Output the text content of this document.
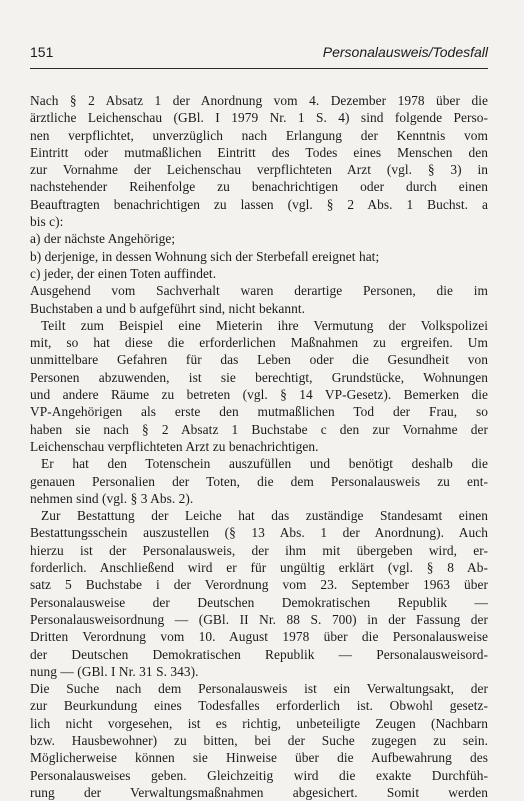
151	Personalausweis/Todesfall

Nach § 2 Absatz 1 der Anordnung vom 4. Dezember 1978 über die

ärztliche Leichenschau (GBl. I 1979 Nr. 1 S. 4) sind folgende Perso-

nen verpflichtet, unverzüglich nach Erlangung der Kenntnis vom

Eintritt oder mutmaßlichen Eintritt des Todes eines Menschen den

zur Vornahme der Leichenschau verpflichteten Arzt (vgl. § 3) in

nachstehender Reihenfolge zu benachrichtigen oder durch einen

Beauftragten benachrichtigen zu lassen (vgl. § 2 Abs. 1 Buchst. a

bis c):

a) der nächste Angehörige;

b) derjenige, in dessen Wohnung sich der Sterbefall ereignet hat;

c) jeder, der einen Toten auffindet.

Ausgehend vom Sachverhalt waren derartige Personen, die im

Buchstaben a und b aufgeführt sind, nicht bekannt.

Teilt zum Beispiel eine Mieterin ihre Vermutung der Volkspolizei

mit, so hat diese die erforderlichen Maßnahmen zu ergreifen. Um

unmittelbare Gefahren für das Leben oder die Gesundheit von

Personen abzuwenden, ist sie berechtigt, Grundstücke, Wohnungen

und andere Räume zu betreten (vgl. § 14 VP-Gesetz). Bemerken die

VP-Angehörigen als erste den mutmaßlichen Tod der Frau, so

haben sie nach § 2 Absatz 1 Buchstabe c den zur Vornahme der

Leichenschau verpflichteten Arzt zu benachrichtigen.

Er hat den Totenschein auszufüllen und benötigt deshalb die

genauen Personalien der Toten, die dem Personalausweis zu ent-

nehmen sind (vgl. § 3 Abs. 2).

Zur Bestattung der Leiche hat das zuständige Standesamt einen

Bestattungsschein auszustellen (§ 13 Abs. 1 der Anordnung). Auch

hierzu ist der Personalausweis, der ihm mit übergeben wird, er-

forderlich. Anschließend wird er für ungültig erklärt (vgl. § 8 Ab-

satz 5 Buchstabe i der Verordnung vom 23. September 1963 über

Personalausweise der Deutschen Demokratischen Republik —

Personalausweisordnung — (GBl. II Nr. 88 S. 700) in der Fassung der

Dritten Verordnung vom 10. August 1978 über die Personalausweise

der Deutschen Demokratischen Republik — Personalausweisord-

nung — (GBl. I Nr. 31 S. 343).

Die Suche nach dem Personalausweis ist ein Verwaltungsakt, der

zur Beurkundung eines Todesfalles erforderlich ist. Obwohl gesetz-

lich nicht vorgesehen, ist es richtig, unbeteiligte Zeugen (Nachbarn

bzw. Hausbewohner) zu bitten, bei der Suche zugegen zu sein.

Möglicherweise können sie Hinweise über die Aufbewahrung des

Personalausweises geben. Gleichzeitig wird die exakte Durchfüh-

rung der Verwaltungsmaßnahmen abgesichert. Somit werden
